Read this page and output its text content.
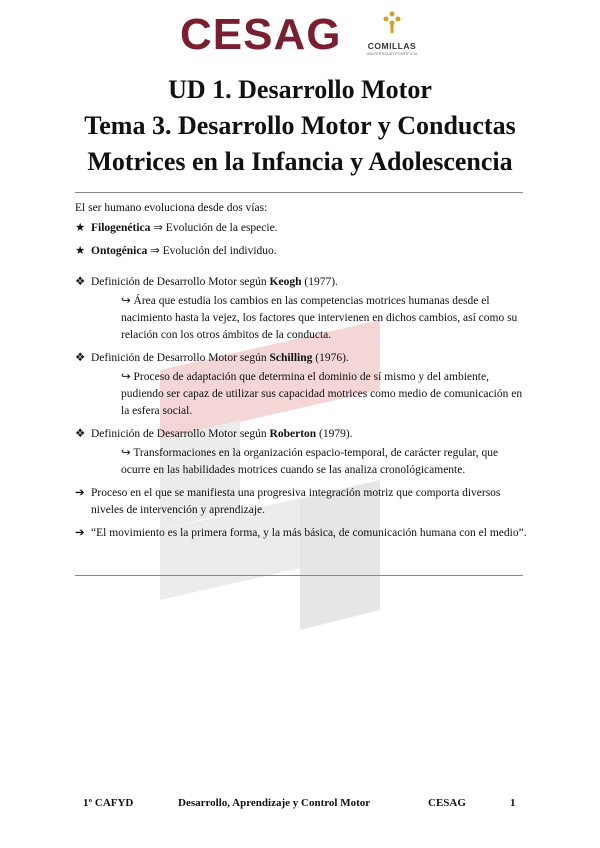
CESAG	COMILLAS
UNIVERSIDAD PONTIFICIA
UD 1. Desarrollo Motor
Tema 3. Desarrollo Motor y Conductas
Motrices en la Infancia y Adolescencia

El ser humano evoluciona desde dos vías:

★ Filogenética ⇒ Evolución de la especie.
★ Ontogénica ⇒ Evolución del individuo.
❖ Definición de Desarrollo Motor según Keogh (1977).
↪ Área que estudia los cambios en las competencias motrices humanas desde el nacimiento hasta la vejez, los factores que intervienen en dichos cambios, así como su relación con los otros ámbitos de la conducta.
❖ Definición de Desarrollo Motor según Schilling (1976).
↪ Proceso de adaptación que determina el dominio de sí mismo y del ambiente, pudiendo ser capaz de utilizar sus capacidad motrices como medio de comunicación en la esfera social.
❖ Definición de Desarrollo Motor según Roberton (1979).
↪ Transformaciones en la organización espacio-temporal, de carácter regular, que ocurre en las habilidades motrices cuando se las analiza cronológicamente.
➔ Proceso en el que se manifiesta una progresiva integración motriz que comporta diversos niveles de intervención y aprendizaje.
➔ “El movimiento es la primera forma, y la más básica, de comunicación humana con el medio”.
1º CAFYD	Desarrollo, Aprendizaje y Control Motor	CESAG	1
